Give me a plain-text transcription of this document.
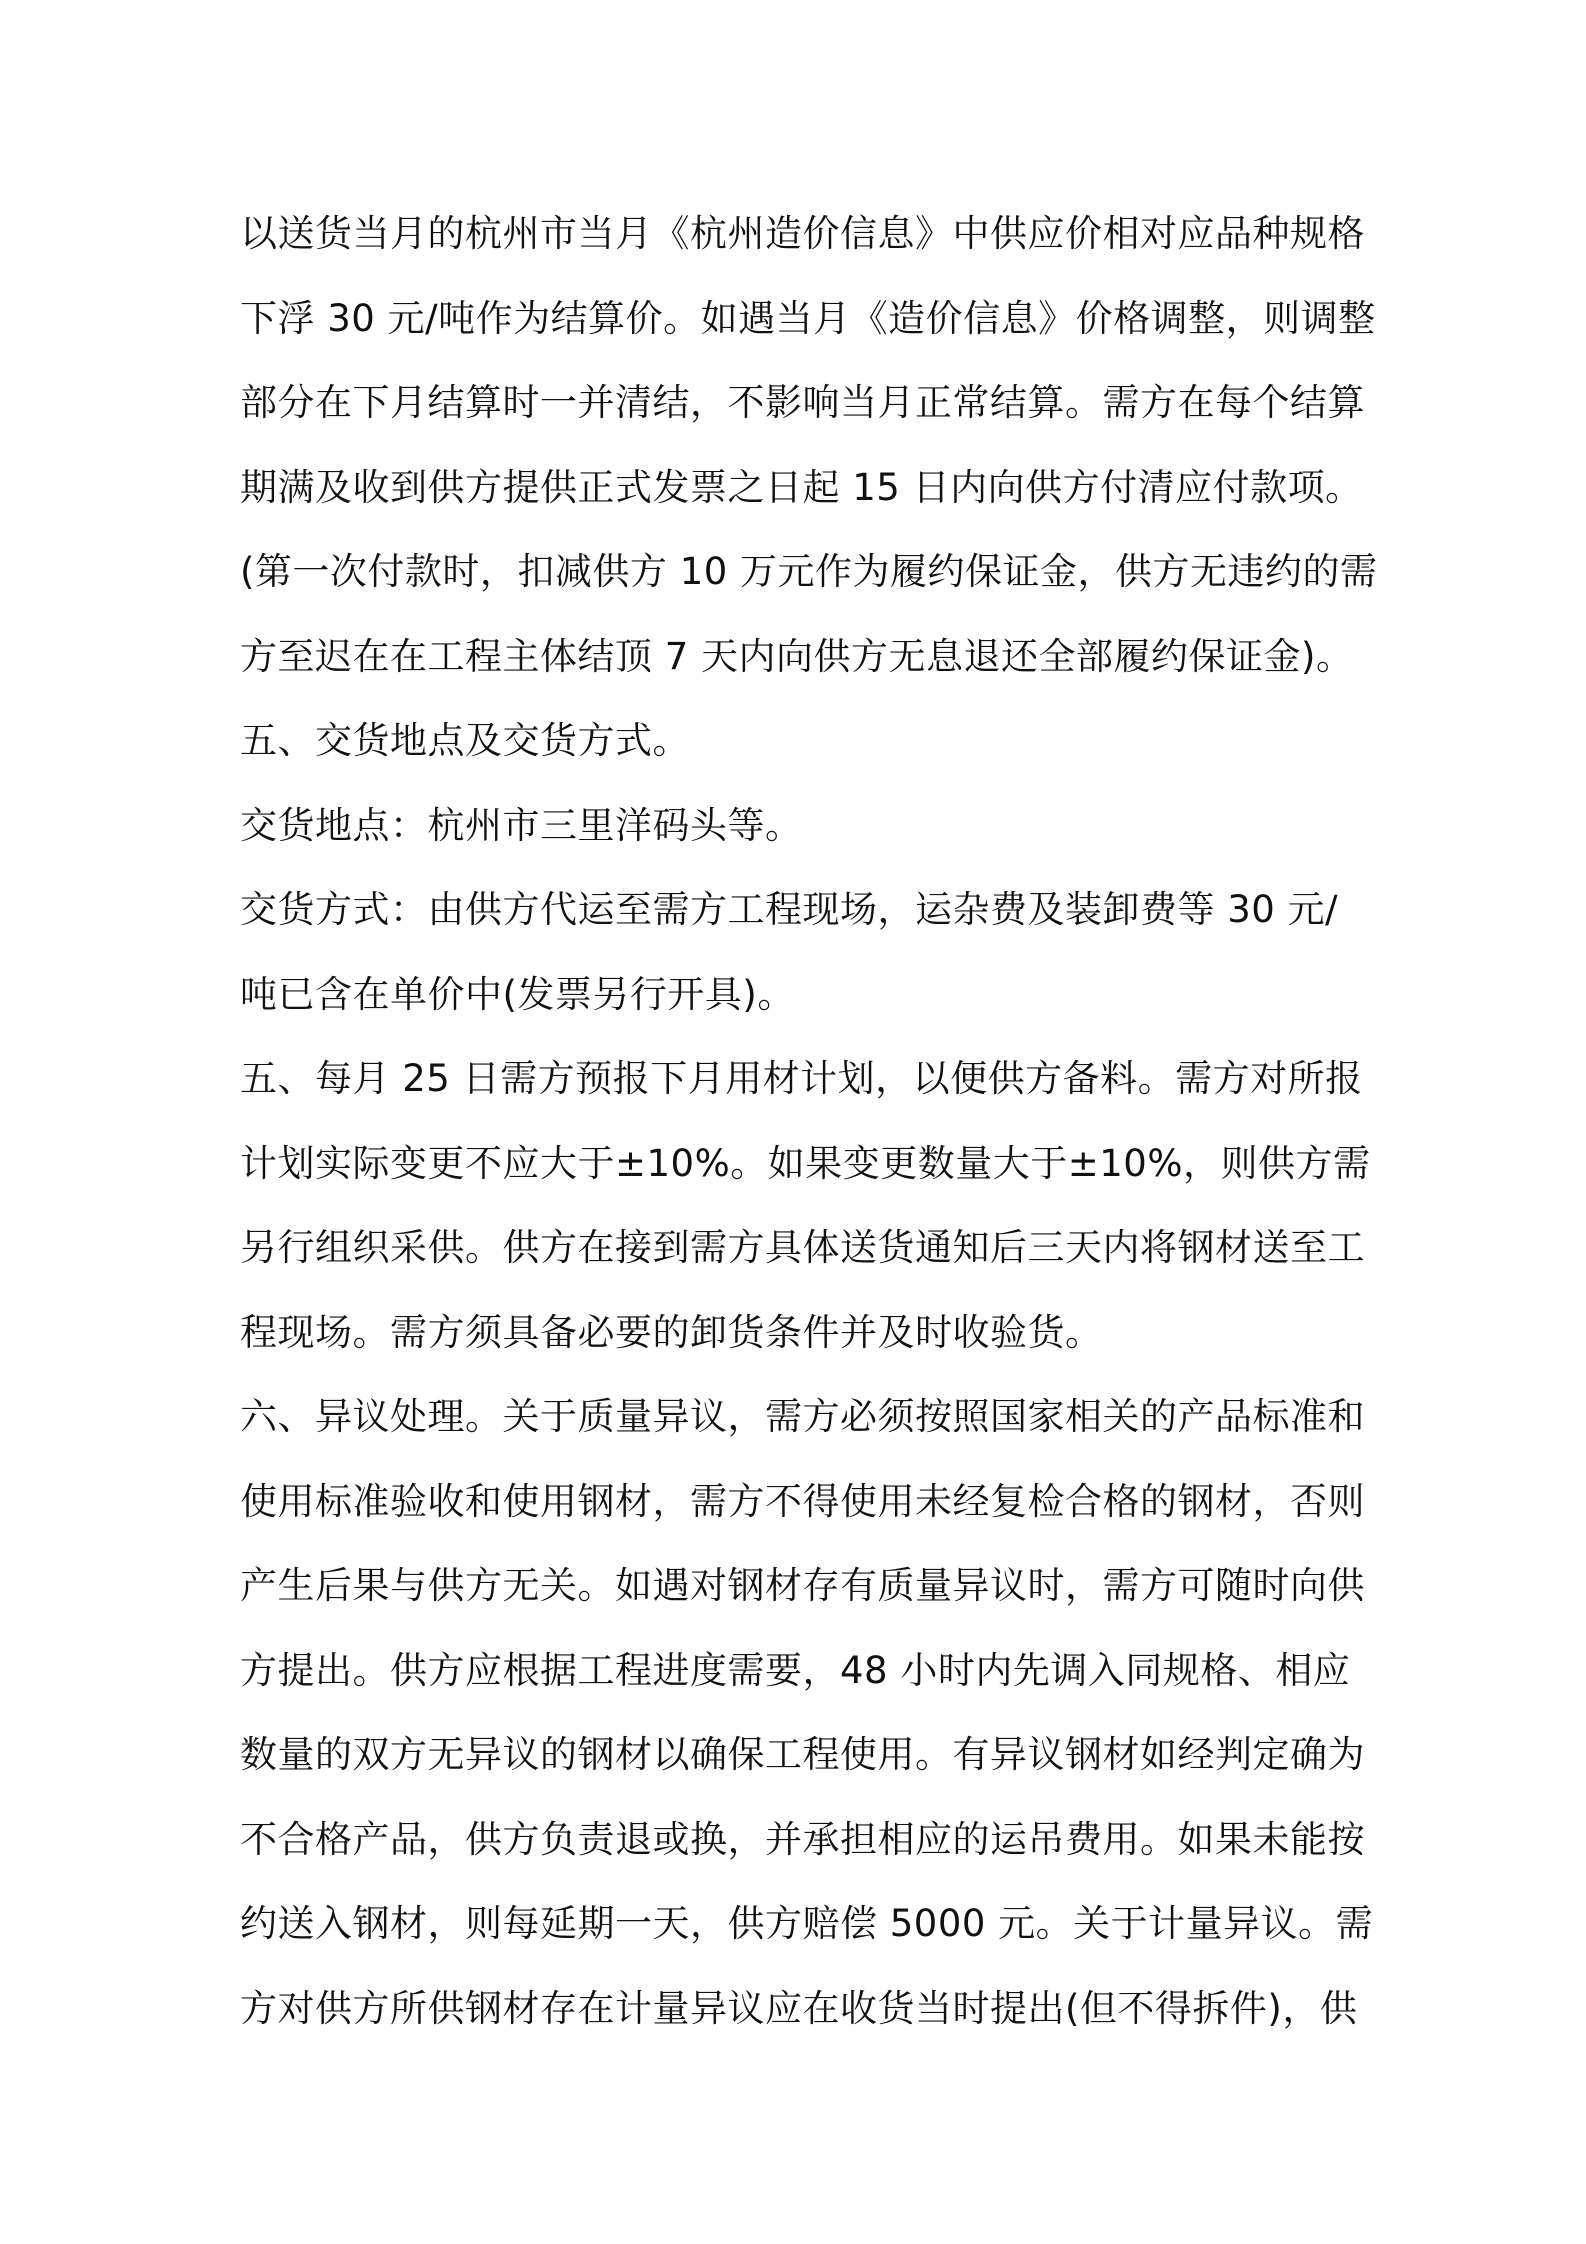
以送货当月的杭州市当月《杭州造价信息》中供应价相对应品种规格
下浮 30 元/吨作为结算价。如遇当月《造价信息》价格调整，则调整
部分在下月结算时一并清结，不影响当月正常结算。需方在每个结算
期满及收到供方提供正式发票之日起 15 日内向供方付清应付款项。
(第一次付款时，扣减供方 10 万元作为履约保证金，供方无违约的需
方至迟在在工程主体结顶 7 天内向供方无息退还全部履约保证金)。
五、交货地点及交货方式。
交货地点：杭州市三里洋码头等。
交货方式：由供方代运至需方工程现场，运杂费及装卸费等 30 元/
吨已含在单价中(发票另行开具)。
五、每月 25 日需方预报下月用材计划，以便供方备料。需方对所报
计划实际变更不应大于±10%。如果变更数量大于±10%，则供方需
另行组织采供。供方在接到需方具体送货通知后三天内将钢材送至工
程现场。需方须具备必要的卸货条件并及时收验货。
六、异议处理。关于质量异议，需方必须按照国家相关的产品标准和
使用标准验收和使用钢材，需方不得使用未经复检合格的钢材，否则
产生后果与供方无关。如遇对钢材存有质量异议时，需方可随时向供
方提出。供方应根据工程进度需要，48 小时内先调入同规格、相应
数量的双方无异议的钢材以确保工程使用。有异议钢材如经判定确为
不合格产品，供方负责退或换，并承担相应的运吊费用。如果未能按
约送入钢材，则每延期一天，供方赔偿 5000 元。关于计量异议。需
方对供方所供钢材存在计量异议应在收货当时提出(但不得拆件)，供
